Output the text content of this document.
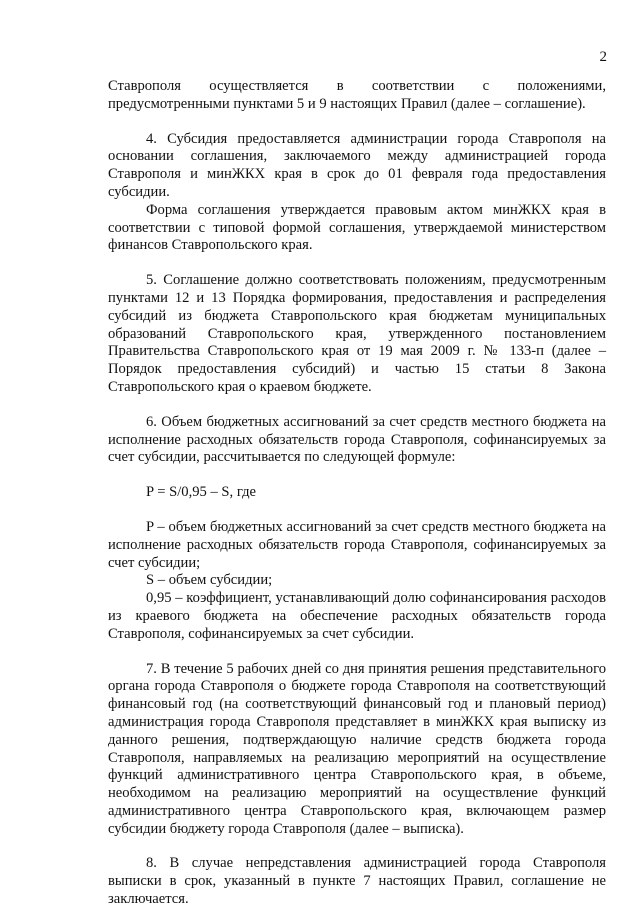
2

Ставрополя осуществляется в соответствии с положениями, предусмотренными пунктами 5 и 9 настоящих Правил (далее – соглашение).

4. Субсидия предоставляется администрации города Ставрополя на основании соглашения, заключаемого между администрацией города Ставрополя и минЖКХ края в срок до 01 февраля года предоставления субсидии.

Форма соглашения утверждается правовым актом минЖКХ края в соответствии с типовой формой соглашения, утверждаемой министерством финансов Ставропольского края.

5. Соглашение должно соответствовать положениям, предусмотренным пунктами 12 и 13 Порядка формирования, предоставления и распределения субсидий из бюджета Ставропольского края бюджетам муниципальных образований Ставропольского края, утвержденного постановлением Правительства Ставропольского края от 19 мая 2009 г. № 133-п (далее – Порядок предоставления субсидий) и частью 15 статьи 8 Закона Ставропольского края о краевом бюджете.

6. Объем бюджетных ассигнований за счет средств местного бюджета на исполнение расходных обязательств города Ставрополя, софинансируемых за счет субсидии, рассчитывается по следующей формуле:

P = S/0,95 – S, где

P – объем бюджетных ассигнований за счет средств местного бюджета на исполнение расходных обязательств города Ставрополя, софинансируемых за счет субсидии;

S – объем субсидии;

0,95 – коэффициент, устанавливающий долю софинансирования расходов из краевого бюджета на обеспечение расходных обязательств города Ставрополя, софинансируемых за счет субсидии.

7. В течение 5 рабочих дней со дня принятия решения представительного органа города Ставрополя о бюджете города Ставрополя на соответствующий финансовый год (на соответствующий финансовый год и плановый период) администрация города Ставрополя представляет в минЖКХ края выписку из данного решения, подтверждающую наличие средств бюджета города Ставрополя, направляемых на реализацию мероприятий на осуществление функций административного центра Ставропольского края, в объеме, необходимом на реализацию мероприятий на осуществление функций административного центра Ставропольского края, включающем размер субсидии бюджету города Ставрополя (далее – выписка).

8. В случае непредставления администрацией города Ставрополя выписки в срок, указанный в пункте 7 настоящих Правил, соглашение не заключается.
